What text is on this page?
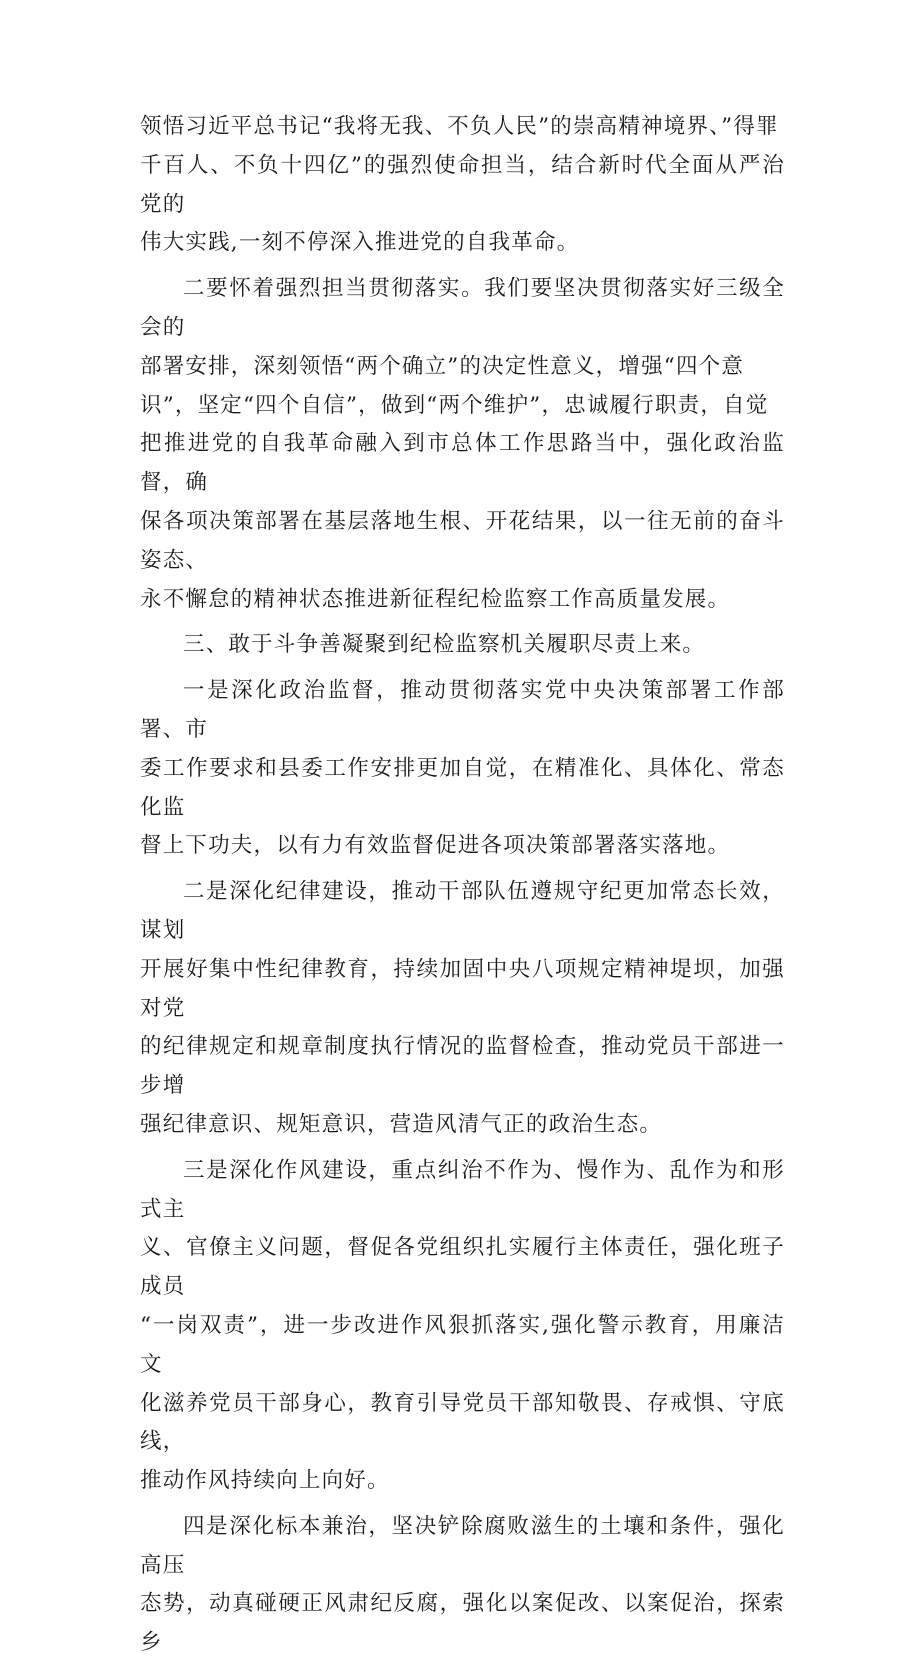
领悟习近平总书记“我将无我、不负人民”的崇高精神境界、”得罪
千百人、不负十四亿”的强烈使命担当，结合新时代全面从严治党的
伟大实践,一刻不停深入推进党的自我革命。

二要怀着强烈担当贯彻落实。我们要坚决贯彻落实好三级全会的
部署安排，深刻领悟“两个确立”的决定性意义，增强“四个意
识”，坚定“四个自信”，做到“两个维护”，忠诚履行职责，自觉
把推进党的自我革命融入到市总体工作思路当中，强化政治监督，确
保各项决策部署在基层落地生根、开花结果，以一往无前的奋斗姿态、
永不懈怠的精神状态推进新征程纪检监察工作高质量发展。

三、敢于斗争善凝聚到纪检监察机关履职尽责上来。

一是深化政治监督，推动贯彻落实党中央决策部署工作部署、市
委工作要求和县委工作安排更加自觉，在精准化、具体化、常态化监
督上下功夫，以有力有效监督促进各项决策部署落实落地。

二是深化纪律建设，推动干部队伍遵规守纪更加常态长效，谋划
开展好集中性纪律教育，持续加固中央八项规定精神堤坝，加强对党
的纪律规定和规章制度执行情况的监督检查，推动党员干部进一步增
强纪律意识、规矩意识，营造风清气正的政治生态。

三是深化作风建设，重点纠治不作为、慢作为、乱作为和形式主
义、官僚主义问题，督促各党组织扎实履行主体责任，强化班子成员
“一岗双责”，进一步改进作风狠抓落实,强化警示教育，用廉洁文
化滋养党员干部身心，教育引导党员干部知敬畏、存戒惧、守底线，
推动作风持续向上向好。

四是深化标本兼治，坚决铲除腐败滋生的土壤和条件，强化高压
态势，动真碰硬正风肃纪反腐，强化以案促改、以案促治，探索乡
